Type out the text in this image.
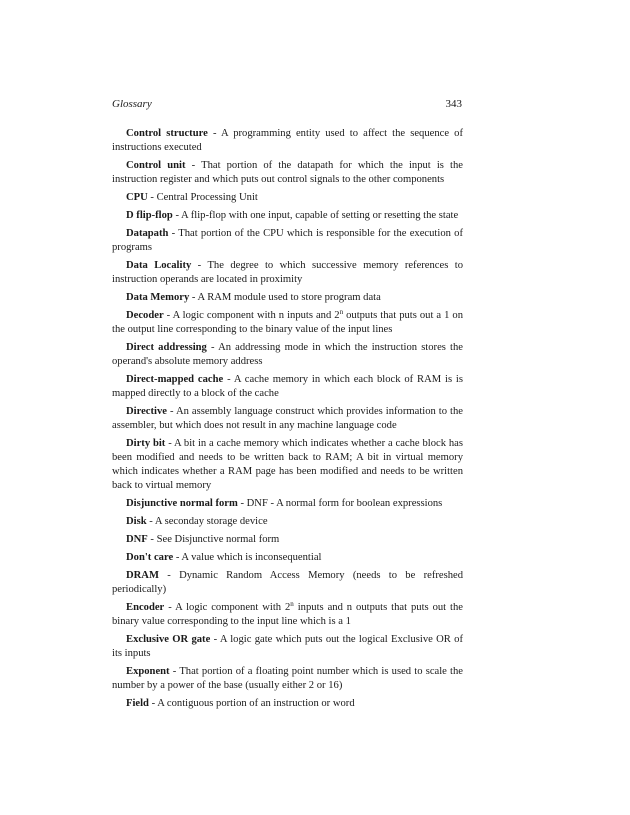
Glossary	343

Control structure - A programming entity used to affect the sequence of instructions executed

Control unit - That portion of the datapath for which the input is the instruction register and which puts out control signals to the other components

CPU - Central Processing Unit

D flip-flop - A flip-flop with one input, capable of setting or resetting the state

Datapath - That portion of the CPU which is responsible for the execution of programs

Data Locality - The degree to which successive memory references to instruction operands are located in proximity

Data Memory - A RAM module used to store program data

Decoder - A logic component with n inputs and 2$^n$ outputs that puts out a 1 on the output line corresponding to the binary value of the input lines

Direct addressing - An addressing mode in which the instruction stores the operand's absolute memory address

Direct-mapped cache - A cache memory in which each block of RAM is is mapped directly to a block of the cache

Directive - An assembly language construct which provides information to the assembler, but which does not result in any machine language code

Dirty bit - A bit in a cache memory which indicates whether a cache block has been modified and needs to be written back to RAM; A bit in virtual memory which indicates whether a RAM page has been modified and needs to be written back to virtual memory

Disjunctive normal form - DNF - A normal form for boolean expressions

Disk - A seconday storage device

DNF - See Disjunctive normal form

Don't care - A value which is inconsequential

DRAM - Dynamic Random Access Memory (needs to be refreshed periodically)

Encoder - A logic component with 2$^n$ inputs and n outputs that puts out the binary value corresponding to the input line which is a 1

Exclusive OR gate - A logic gate which puts out the logical Exclusive OR of its inputs

Exponent - That portion of a floating point number which is used to scale the number by a power of the base (usually either 2 or 16)

Field - A contiguous portion of an instruction or word
